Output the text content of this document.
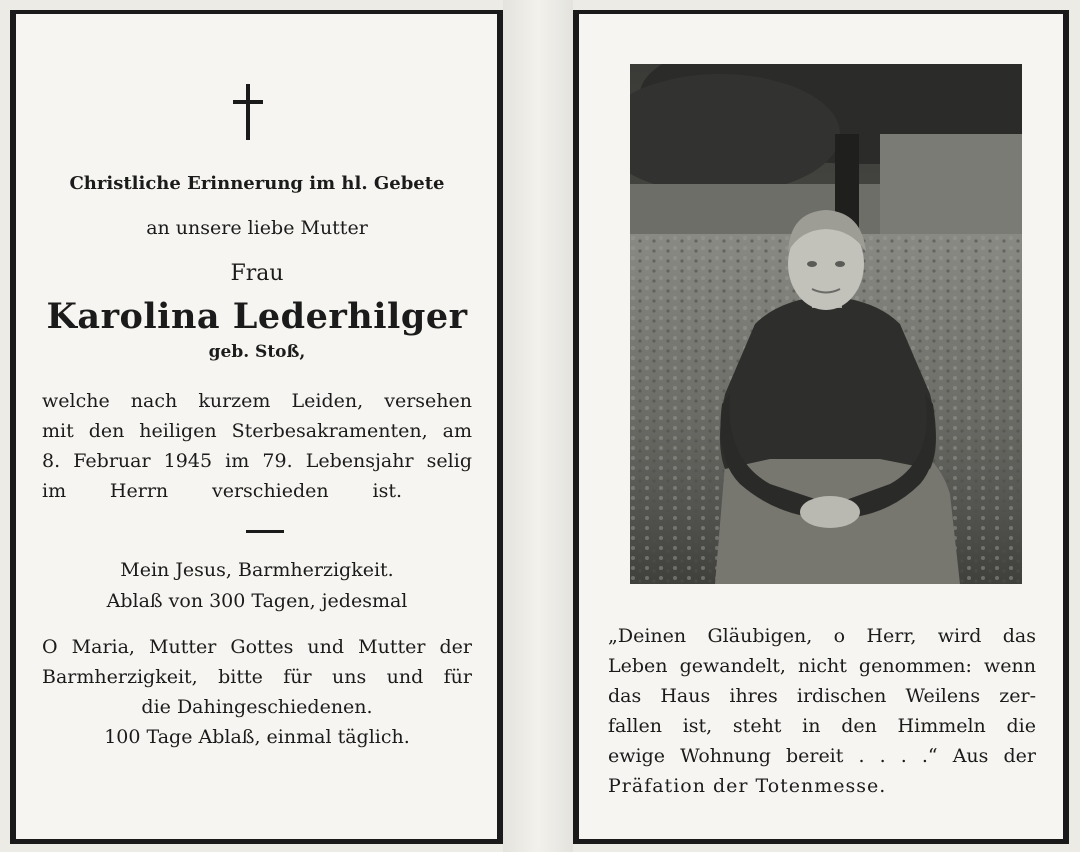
Christliche Erinnerung im hl. Gebete
an unsere liebe Mutter
Frau
Karolina Lederhilger
geb. Stoß,
welche nach kurzem Leiden, versehen
mit den heiligen Sterbesakramenten, am
8. Februar 1945 im 79. Lebensjahr selig
im Herrn verschieden ist.
Mein Jesus, Barmherzigkeit.
Ablaß von 300 Tagen, jedesmal
O Maria, Mutter Gottes und Mutter der
Barmherzigkeit, bitte für uns und für
die Dahingeschiedenen.
100 Tage Ablaß, einmal täglich.
„Deinen Gläubigen, o Herr, wird das
Leben gewandelt, nicht genommen: wenn
das Haus ihres irdischen Weilens zer-
fallen ist, steht in den Himmeln die
ewige Wohnung bereit . . . .“ Aus der
Präfation der Totenmesse.
